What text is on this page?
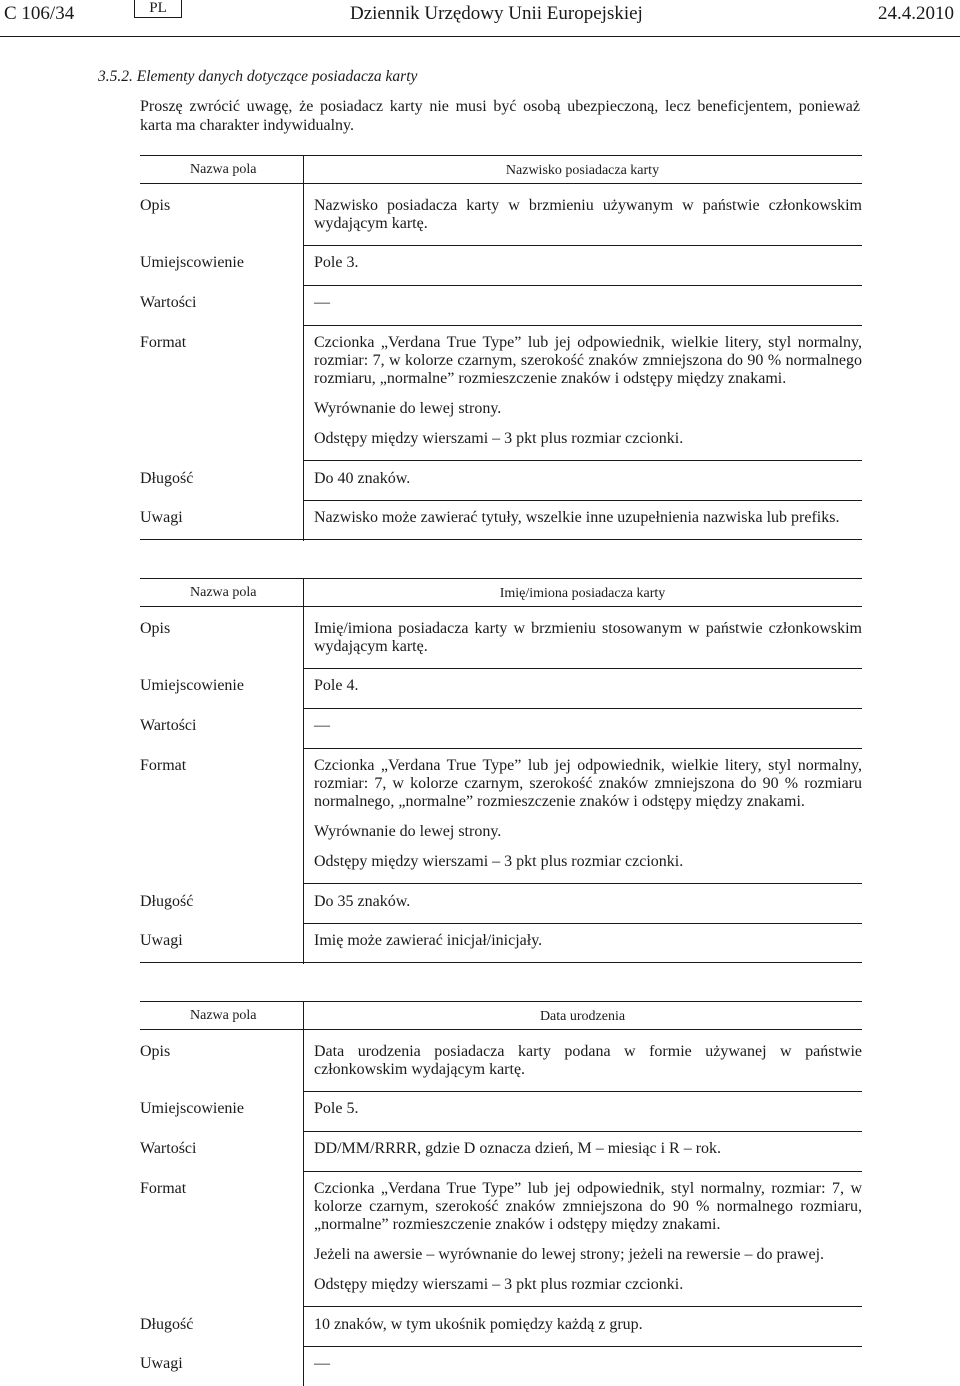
C 106/34	PL	Dziennik Urzędowy Unii Europejskiej	24.4.2010
3.5.2. Elementy danych dotyczące posiadacza karty
Proszę zwrócić uwagę, że posiadacz karty nie musi być osobą ubezpieczoną, lecz beneficjentem, ponieważ karta ma charakter indywidualny.
Nazwa pola	Nazwisko posiadacza karty
Opis	Nazwisko posiadacza karty w brzmieniu używanym w państwie członkowskim wydającym kartę.
Umiejscowienie	Pole 3.
Wartości	—
Format	Czcionka „Verdana True Type” lub jej odpowiednik, wielkie litery, styl normalny, rozmiar: 7, w kolorze czarnym, szerokość znaków zmniejszona do 90 % normalnego rozmiaru, „normalne” rozmieszczenie znaków i odstępy między znakami.
Wyrównanie do lewej strony.
Odstępy między wierszami – 3 pkt plus rozmiar czcionki.
Długość	Do 40 znaków.
Uwagi	Nazwisko może zawierać tytuły, wszelkie inne uzupełnienia nazwiska lub prefiks.
Nazwa pola	Imię/imiona posiadacza karty
Opis	Imię/imiona posiadacza karty w brzmieniu stosowanym w państwie członkowskim wydającym kartę.
Umiejscowienie	Pole 4.
Wartości	—
Format	Czcionka „Verdana True Type” lub jej odpowiednik, wielkie litery, styl normalny, rozmiar: 7, w kolorze czarnym, szerokość znaków zmniejszona do 90 % rozmiaru normalnego, „normalne” rozmieszczenie znaków i odstępy między znakami.
Wyrównanie do lewej strony.
Odstępy między wierszami – 3 pkt plus rozmiar czcionki.
Długość	Do 35 znaków.
Uwagi	Imię może zawierać inicjał/inicjały.
Nazwa pola	Data urodzenia
Opis	Data urodzenia posiadacza karty podana w formie używanej w państwie członkowskim wydającym kartę.
Umiejscowienie	Pole 5.
Wartości	DD/MM/RRRR, gdzie D oznacza dzień, M – miesiąc i R – rok.
Format	Czcionka „Verdana True Type” lub jej odpowiednik, styl normalny, rozmiar: 7, w kolorze czarnym, szerokość znaków zmniejszona do 90 % normalnego rozmiaru, „normalne” rozmieszczenie znaków i odstępy między znakami.
Jeżeli na awersie – wyrównanie do lewej strony; jeżeli na rewersie – do prawej.
Odstępy między wierszami – 3 pkt plus rozmiar czcionki.
Długość	10 znaków, w tym ukośnik pomiędzy każdą z grup.
Uwagi	—
